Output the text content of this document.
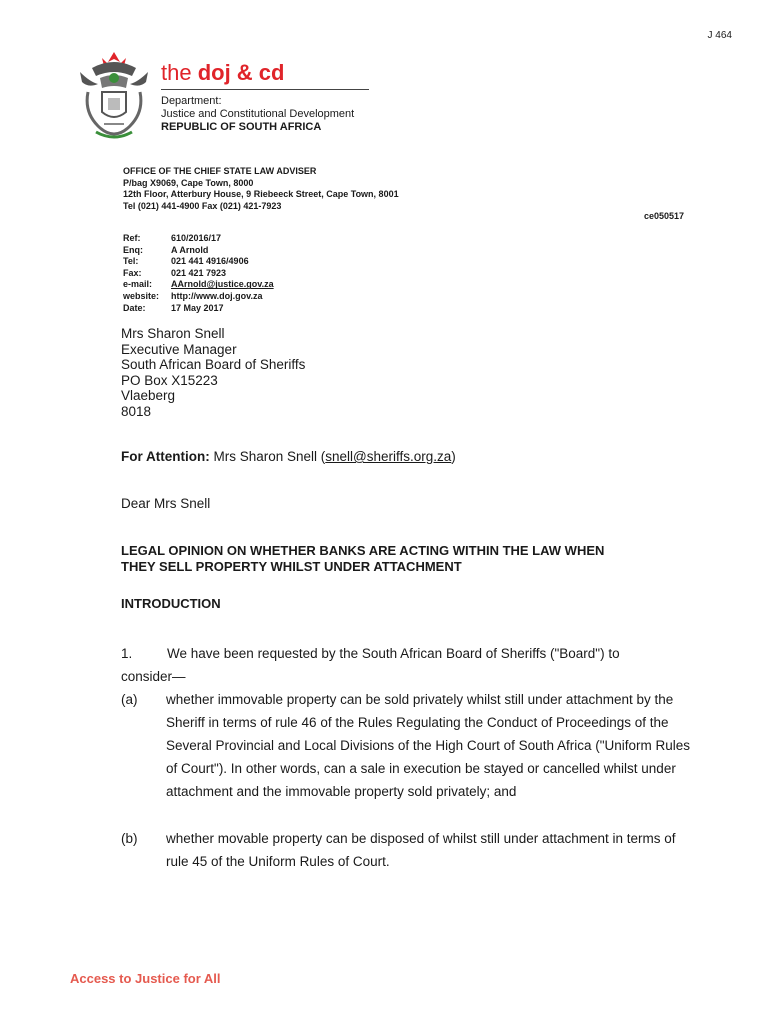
J 464
the doj & cd
Department:
Justice and Constitutional Development
REPUBLIC OF SOUTH AFRICA
OFFICE OF THE CHIEF STATE LAW ADVISER
P/bag X9069, Cape Town, 8000
12th Floor, Atterbury House, 9 Riebeeck Street, Cape Town, 8001
Tel (021) 441-4900 Fax (021) 421-7923
ce050517
Ref:	610/2016/17
Enq:	A Arnold
Tel:	021 441 4916/4906
Fax:	021 421 7923
e-mail:	AArnold@justice.gov.za
website:	http://www.doj.gov.za
Date:	17 May 2017
Mrs Sharon Snell
Executive Manager
South African Board of Sheriffs
PO Box X15223
Vlaeberg
8018
For Attention: Mrs Sharon Snell (snell@sheriffs.org.za)
Dear Mrs Snell
LEGAL OPINION ON WHETHER BANKS ARE ACTING WITHIN THE LAW WHEN
THEY SELL PROPERTY WHILST UNDER ATTACHMENT
INTRODUCTION
1.	We have been requested by the South African Board of Sheriffs ("Board") to
consider—
(a) whether immovable property can be sold privately whilst still under attachment by the Sheriff in terms of rule 46 of the Rules Regulating the Conduct of Proceedings of the Several Provincial and Local Divisions of the High Court of South Africa ("Uniform Rules of Court"). In other words, can a sale in execution be stayed or cancelled whilst under attachment and the immovable property sold privately; and
(b) whether movable property can be disposed of whilst still under attachment in terms of rule 45 of the Uniform Rules of Court.
Access to Justice for All
